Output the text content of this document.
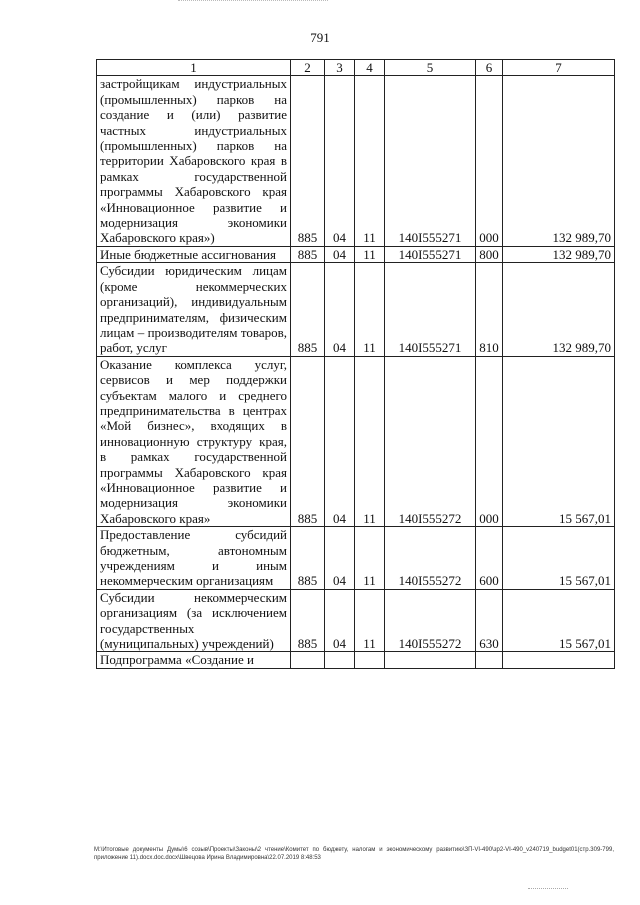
791
1	2	3	4	5	6	7
застройщикам индустриальных (промышленных) парков на создание и (или) развитие частных индустриальных (промышленных) парков на территории Хабаровского края в рамках государственной программы Хабаровского края «Инновационное развитие и модернизация экономики Хабаровского края»)	885	04	11	140I555271	000	132 989,70
Иные бюджетные ассигнования	885	04	11	140I555271	800	132 989,70
Субсидии юридическим лицам (кроме некоммерческих организаций), индивидуальным предпринимателям, физическим лицам – производителям товаров, работ, услуг	885	04	11	140I555271	810	132 989,70
Оказание комплекса услуг, сервисов и мер поддержки субъектам малого и среднего предпринимательства в центрах «Мой бизнес», входящих в инновационную структуру края, в рамках государственной программы Хабаровского края «Инновационное развитие и модернизация экономики Хабаровского края»	885	04	11	140I555272	000	15 567,01
Предоставление субсидий бюджетным, автономным учреждениям и иным некоммерческим организациям	885	04	11	140I555272	600	15 567,01
Субсидии некоммерческим организациям (за исключением государственных (муниципальных) учреждений)	885	04	11	140I555272	630	15 567,01
Подпрограмма «Создание и						
M:\Итоговые документы Думы\6 созыв\Проекты\Законы\2 чтение\Комитет по бюджету, налогам и экономическому развитию\ЗП-VI-490\зр2-VI-490_v240719_budget01(стр.309-799, приложение 11).docx.doc.docx\Швецова Ирина Владимировна\22.07.2019 8:48:53
